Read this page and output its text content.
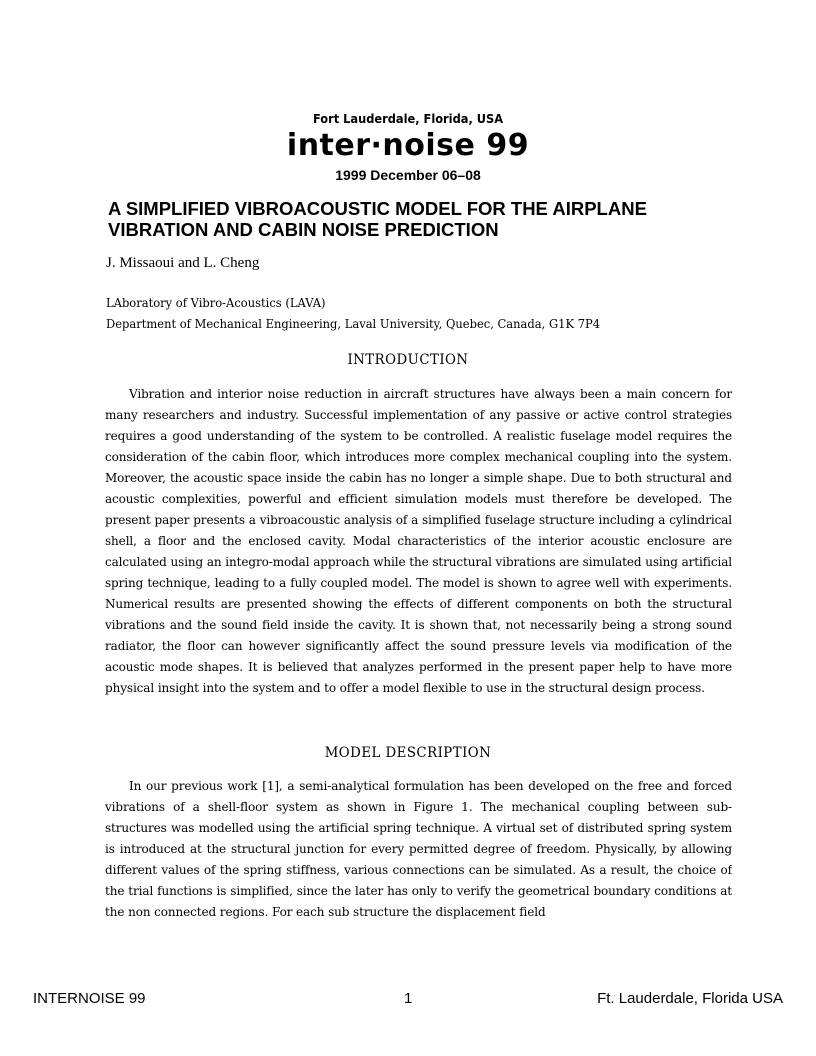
Fort Lauderdale, Florida, USA
inter·noise 99
1999 December 06–08
A SIMPLIFIED VIBROACOUSTIC MODEL FOR THE AIRPLANE
VIBRATION AND CABIN NOISE PREDICTION
J. Missaoui and L. Cheng
LAboratory of Vibro-Acoustics (LAVA)
Department of Mechanical Engineering, Laval University, Quebec, Canada, G1K 7P4
INTRODUCTION
Vibration and interior noise reduction in aircraft structures have always been a main concern for many researchers and industry. Successful implementation of any passive or active control strategies requires a good understanding of the system to be controlled. A realistic fuselage model requires the consideration of the cabin floor, which introduces more complex mechanical coupling into the system. Moreover, the acoustic space inside the cabin has no longer a simple shape. Due to both structural and acoustic complexities, powerful and efficient simulation models must therefore be developed. The present paper presents a vibroacoustic analysis of a simplified fuselage structure including a cylindrical shell, a floor and the enclosed cavity. Modal characteristics of the interior acoustic enclosure are calculated using an integro-modal approach while the structural vibrations are simulated using artificial spring technique, leading to a fully coupled model. The model is shown to agree well with experiments. Numerical results are presented showing the effects of different components on both the structural vibrations and the sound field inside the cavity. It is shown that, not necessarily being a strong sound radiator, the floor can however significantly affect the sound pressure levels via modification of the acoustic mode shapes. It is believed that analyzes performed in the present paper help to have more physical insight into the system and to offer a model flexible to use in the structural design process.
MODEL DESCRIPTION
In our previous work [1], a semi-analytical formulation has been developed on the free and forced vibrations of a shell-floor system as shown in Figure 1. The mechanical coupling between sub-structures was modelled using the artificial spring technique. A virtual set of distributed spring system is introduced at the structural junction for every permitted degree of freedom. Physically, by allowing different values of the spring stiffness, various connections can be simulated. As a result, the choice of the trial functions is simplified, since the later has only to verify the geometrical boundary conditions at the non connected regions. For each sub structure the displacement field
INTERNOISE 99	1	Ft. Lauderdale, Florida USA
